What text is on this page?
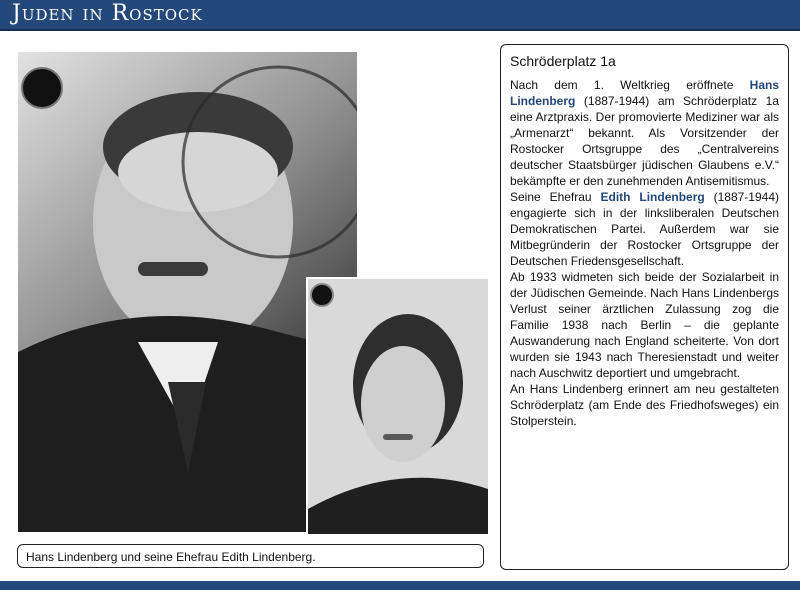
Juden in Rostock
Hans Lindenberg und seine Ehefrau Edith Lindenberg.
Schröderplatz 1a

Nach dem 1. Weltkrieg eröffnete Hans Lindenberg (1887-1944) am Schröderplatz 1a eine Arztpraxis. Der promovierte Mediziner war als „Armenarzt“ bekannt. Als Vorsitzender der Rostocker Ortsgruppe des „Centralvereins deutscher Staatsbürger jüdischen Glaubens e.V.“ bekämpfte er den zunehmenden Antisemitismus.

Seine Ehefrau Edith Lindenberg (1887-1944) engagierte sich in der linksliberalen Deutschen Demokratischen Partei. Außerdem war sie Mitbegründerin der Rostocker Ortsgruppe der Deutschen Friedensgesellschaft.

Ab 1933 widmeten sich beide der Sozialarbeit in der Jüdischen Gemeinde. Nach Hans Lindenbergs Verlust seiner ärztlichen Zulassung zog die Familie 1938 nach Berlin – die geplante Auswanderung nach England scheiterte. Von dort wurden sie 1943 nach Theresienstadt und weiter nach Auschwitz deportiert und umgebracht.

An Hans Lindenberg erinnert am neu gestalteten Schröderplatz (am Ende des Friedhofsweges) ein Stolperstein.
